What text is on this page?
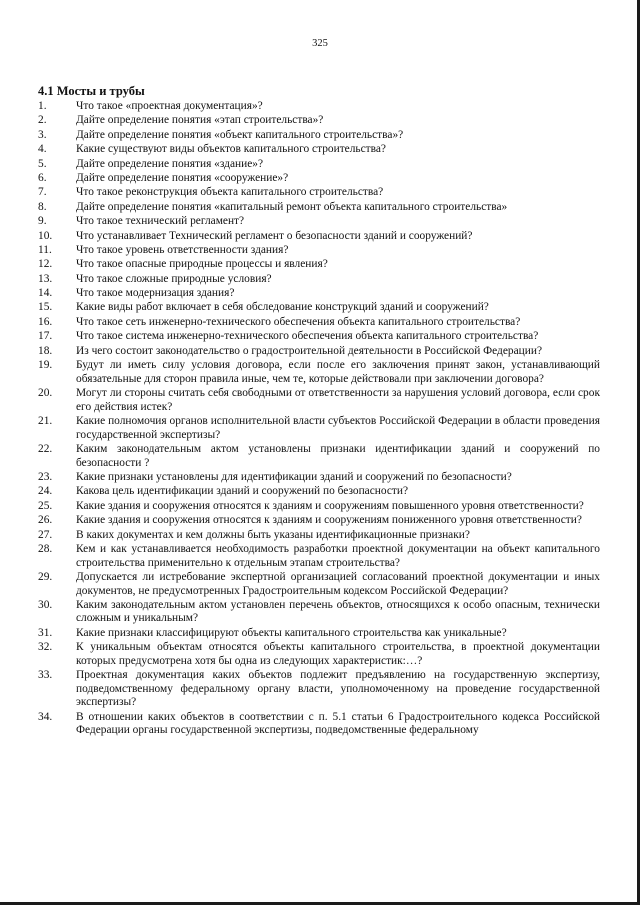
325
4.1 Мосты и трубы
1.	Что такое «проектная документация»?
2.	Дайте определение понятия «этап строительства»?
3.	Дайте определение понятия «объект капитального строительства»?
4.	Какие существуют виды объектов капитального строительства?
5.	Дайте определение понятия «здание»?
6.	Дайте определение понятия «сооружение»?
7.	Что такое реконструкция объекта капитального строительства?
8.	Дайте определение понятия «капитальный ремонт объекта капитального строительства»
9.	Что такое технический регламент?
10.	Что устанавливает Технический регламент о безопасности зданий и сооружений?
11.	Что такое уровень ответственности здания?
12.	Что такое опасные природные процессы и явления?
13.	Что такое сложные природные условия?
14.	Что такое модернизация здания?
15.	Какие виды работ включает в себя обследование конструкций зданий и сооружений?
16.	Что такое сеть инженерно-технического обеспечения объекта капитального строительства?
17.	Что такое система инженерно-технического обеспечения объекта капитального строительства?
18.	Из чего состоит законодательство о градостроительной деятельности в Российской Федерации?
19.	Будут ли иметь силу условия договора, если после его заключения принят закон, устанавливающий обязательные для сторон правила иные, чем те, которые действовали при заключении договора?
20.	Могут ли стороны считать себя свободными от ответственности за нарушения условий договора, если срок его действия истек?
21.	Какие полномочия органов исполнительной власти субъектов Российской Федерации в области проведения государственной экспертизы?
22.	Каким законодательным актом установлены признаки идентификации зданий и сооружений по безопасности ?
23.	Какие признаки установлены для идентификации зданий и сооружений по безопасности?
24.	Какова цель идентификации зданий и сооружений по безопасности?
25.	Какие здания и сооружения относятся к зданиям и сооружениям повышенного уровня ответственности?
26.	Какие здания и сооружения относятся к зданиям и сооружениям пониженного уровня ответственности?
27.	В каких документах и кем должны быть указаны идентификационные признаки?
28.	Кем и как устанавливается необходимость разработки проектной документации на объект капитального строительства применительно к отдельным этапам строительства?
29.	Допускается ли истребование экспертной организацией согласований проектной документации и иных документов, не предусмотренных Градостроительным кодексом Российской Федерации?
30.	Каким законодательным актом установлен перечень объектов, относящихся к особо опасным, технически сложным и уникальным?
31.	Какие признаки классифицируют объекты капитального строительства как уникальные?
32.	К уникальным объектам относятся объекты капитального строительства, в проектной документации которых предусмотрена хотя бы одна из следующих характеристик:…?
33.	Проектная документация каких объектов подлежит предъявлению на государственную экспертизу, подведомственному федеральному органу власти, уполномоченному на проведение государственной экспертизы?
34.	В отношении каких объектов в соответствии с п. 5.1 статьи 6 Градостроительного кодекса Российской Федерации органы государственной экспертизы, подведомственные федеральному
